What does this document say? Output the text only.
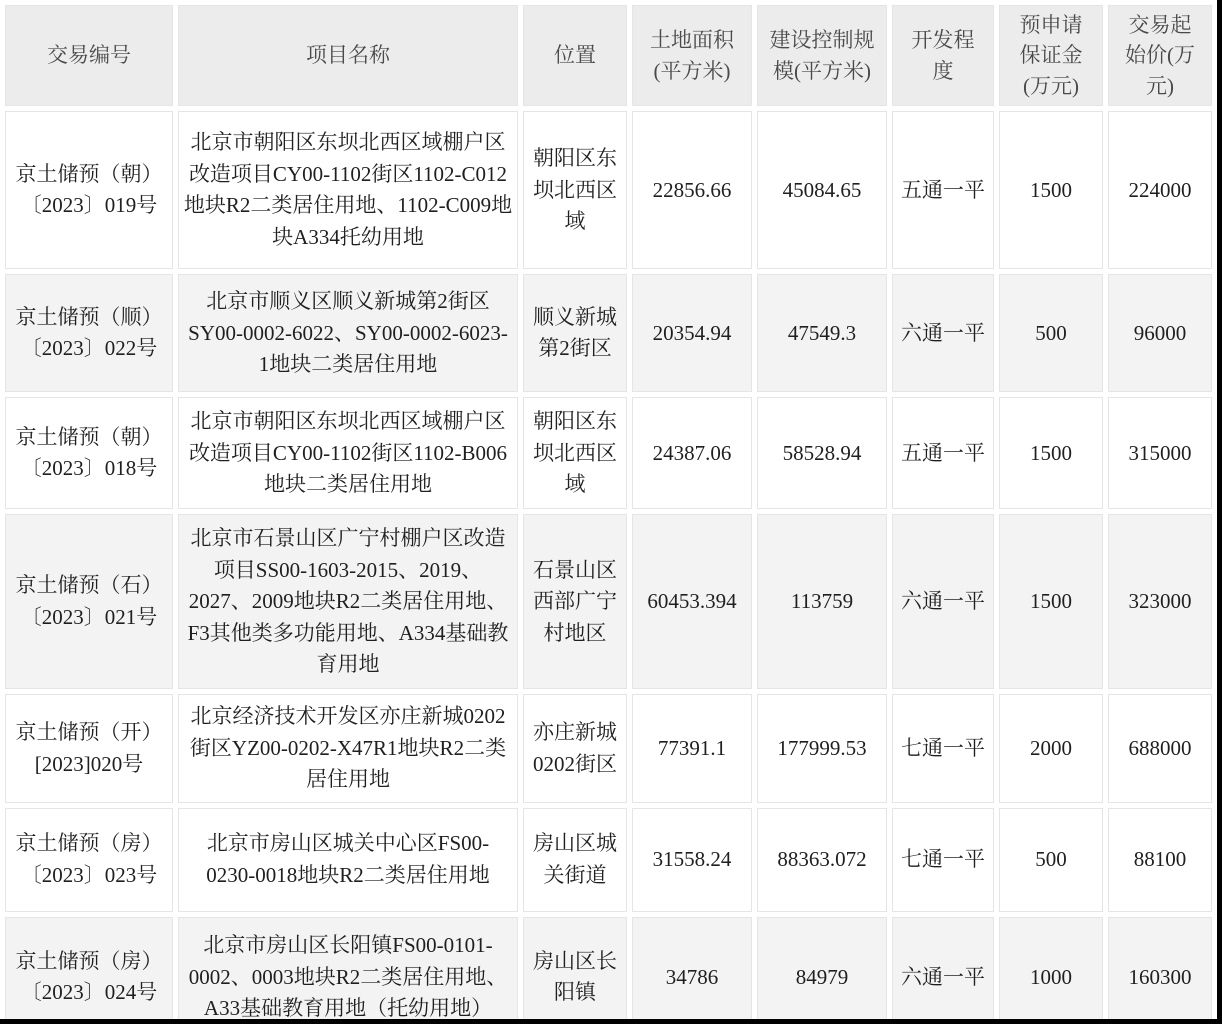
交易编号	项目名称	位置	土地面积(平方米)	建设控制规模(平方米)	开发程度	预申请保证金(万元)	交易起始价(万元)
京土储预（朝）〔2023〕019号	北京市朝阳区东坝北西区域棚户区改造项目CY00-1102街区1102-C012地块R2二类居住用地、1102-C009地块A334托幼用地	朝阳区东坝北西区域	22856.66	45084.65	五通一平	1500	224000
京土储预（顺）〔2023〕022号	北京市顺义区顺义新城第2街区SY00-0002-6022、SY00-0002-6023-1地块二类居住用地	顺义新城第2街区	20354.94	47549.3	六通一平	500	96000
京土储预（朝）〔2023〕018号	北京市朝阳区东坝北西区域棚户区改造项目CY00-1102街区1102-B006地块二类居住用地	朝阳区东坝北西区域	24387.06	58528.94	五通一平	1500	315000
京土储预（石）〔2023〕021号	北京市石景山区广宁村棚户区改造项目SS00-1603-2015、2019、2027、2009地块R2二类居住用地、F3其他类多功能用地、A334基础教育用地	石景山区西部广宁村地区	60453.394	113759	六通一平	1500	323000
京土储预（开）[2023]020号	北京经济技术开发区亦庄新城0202街区YZ00-0202-X47R1地块R2二类居住用地	亦庄新城0202街区	77391.1	177999.53	七通一平	2000	688000
京土储预（房）〔2023〕023号	北京市房山区城关中心区FS00-0230-0018地块R2二类居住用地	房山区城关街道	31558.24	88363.072	七通一平	500	88100
京土储预（房）〔2023〕024号	北京市房山区长阳镇FS00-0101-0002、0003地块R2二类居住用地、A33基础教育用地（托幼用地）	房山区长阳镇	34786	84979	六通一平	1000	160300
